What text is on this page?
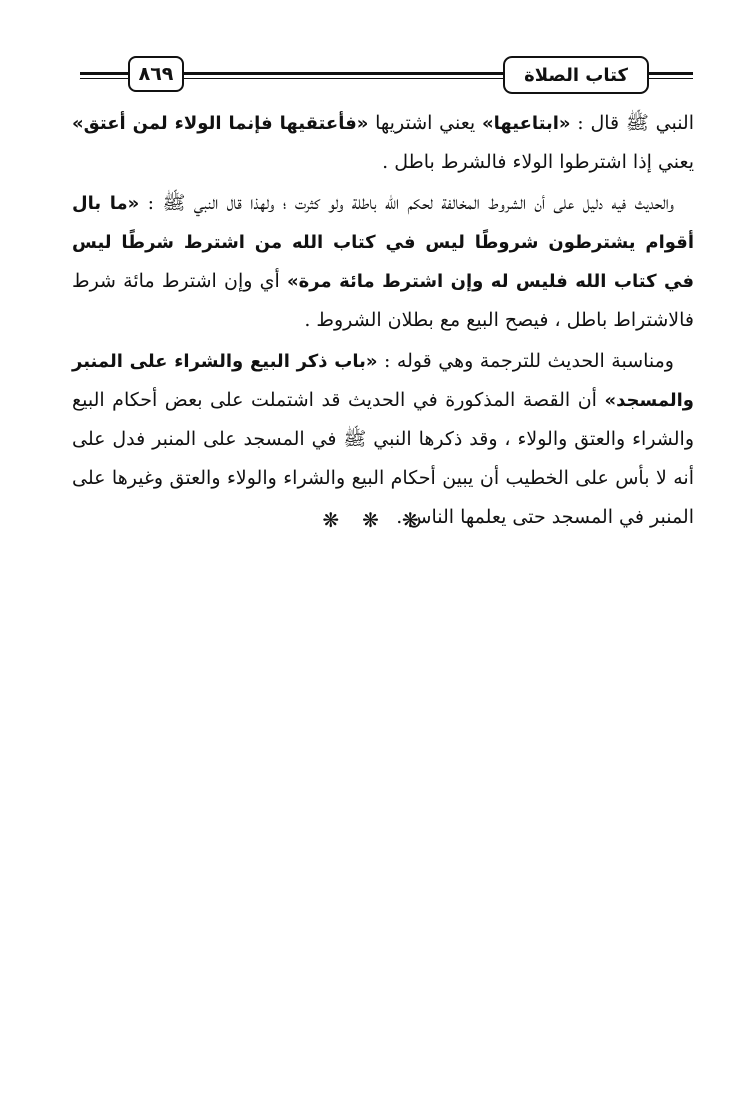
٨٦٩	كتاب الصلاة

النبي ﷺ قال : «ابتاعيها» يعني اشتريها «فأعتقيها فإنما الولاء لمن أعتق» يعني إذا اشترطوا الولاء فالشرط باطل .

والحديث فيه دليل على أن الشروط المخالفة لحكم الله باطلة ولو كثرت ؛ ولهذا قال النبي ﷺ : «ما بال أقوام يشترطون شروطًا ليس في كتاب الله من اشترط شرطًا ليس في كتاب الله فليس له وإن اشترط مائة مرة» أي وإن اشترط مائة شرط فالاشتراط باطل ، فيصح البيع مع بطلان الشروط .

ومناسبة الحديث للترجمة وهي قوله : «باب ذكر البيع والشراء على المنبر والمسجد» أن القصة المذكورة في الحديث قد اشتملت على بعض أحكام البيع والشراء والعتق والولاء ، وقد ذكرها النبي ﷺ في المسجد على المنبر فدل على أنه لا بأس على الخطيب أن يبين أحكام البيع والشراء والولاء والعتق وغيرها على المنبر في المسجد حتى يعلمها الناس .

❋ ❋ ❋
